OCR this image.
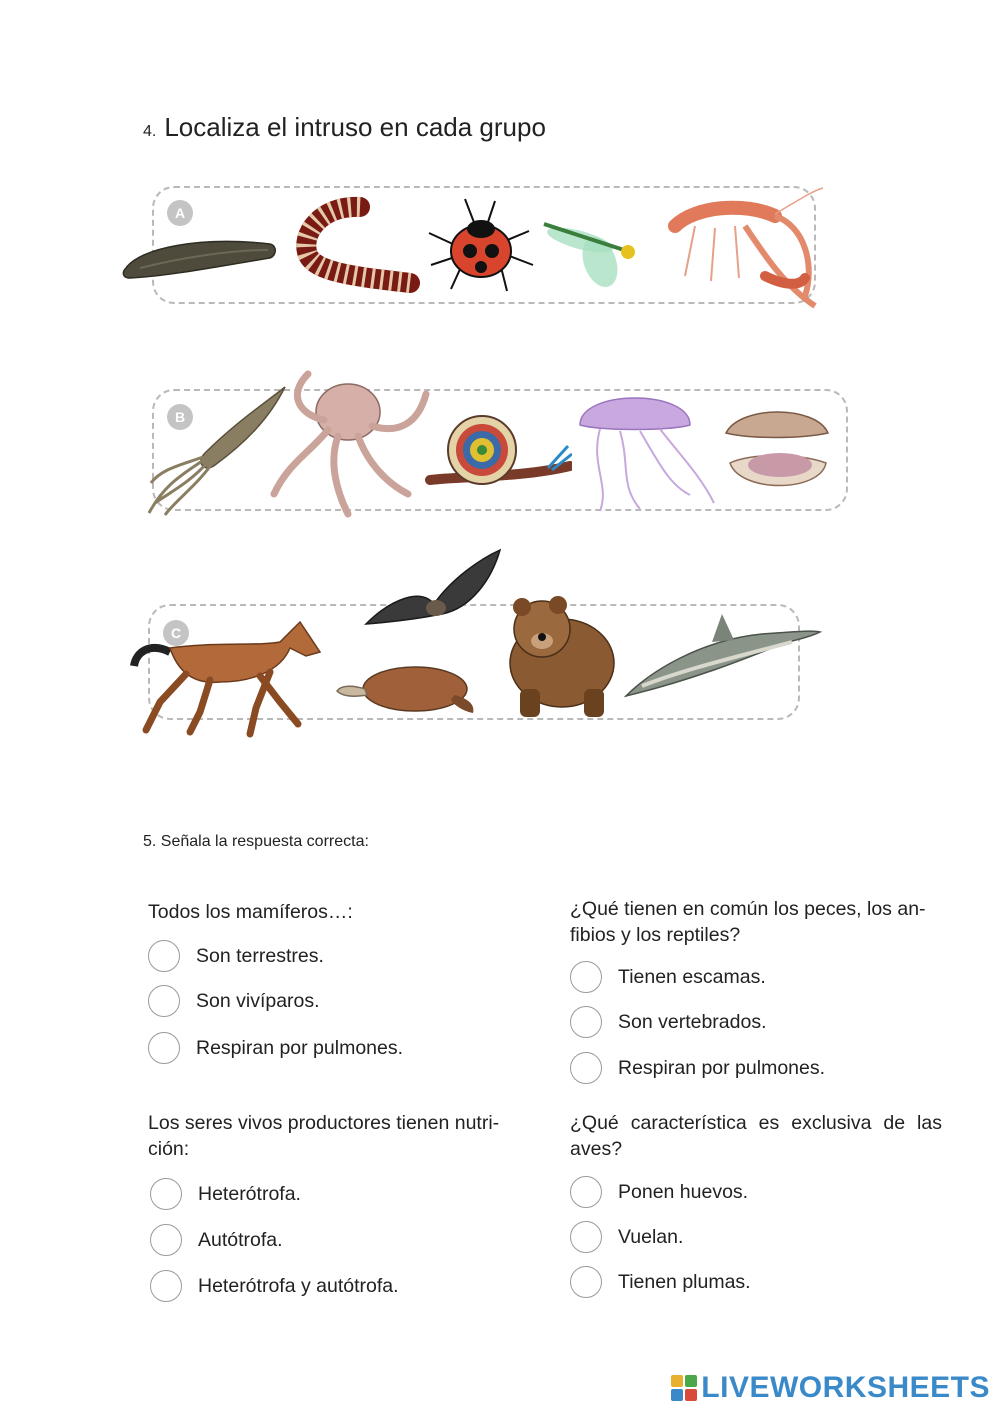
4. Localiza el intruso en cada grupo
A
B
C
5. Señala la respuesta correcta:
Todos los mamíferos…:
Son terrestres.
Son vivíparos.
Respiran por pulmones.
¿Qué tienen en común los peces, los an-
fibios y los reptiles?
Tienen escamas.
Son vertebrados.
Respiran por pulmones.
Los seres vivos productores tienen nutri-
ción:
Heterótrofa.
Autótrofa.
Heterótrofa y autótrofa.
¿Qué característica es exclusiva de las
aves?
Ponen huevos.
Vuelan.
Tienen plumas.
LIVEWORKSHEETS
